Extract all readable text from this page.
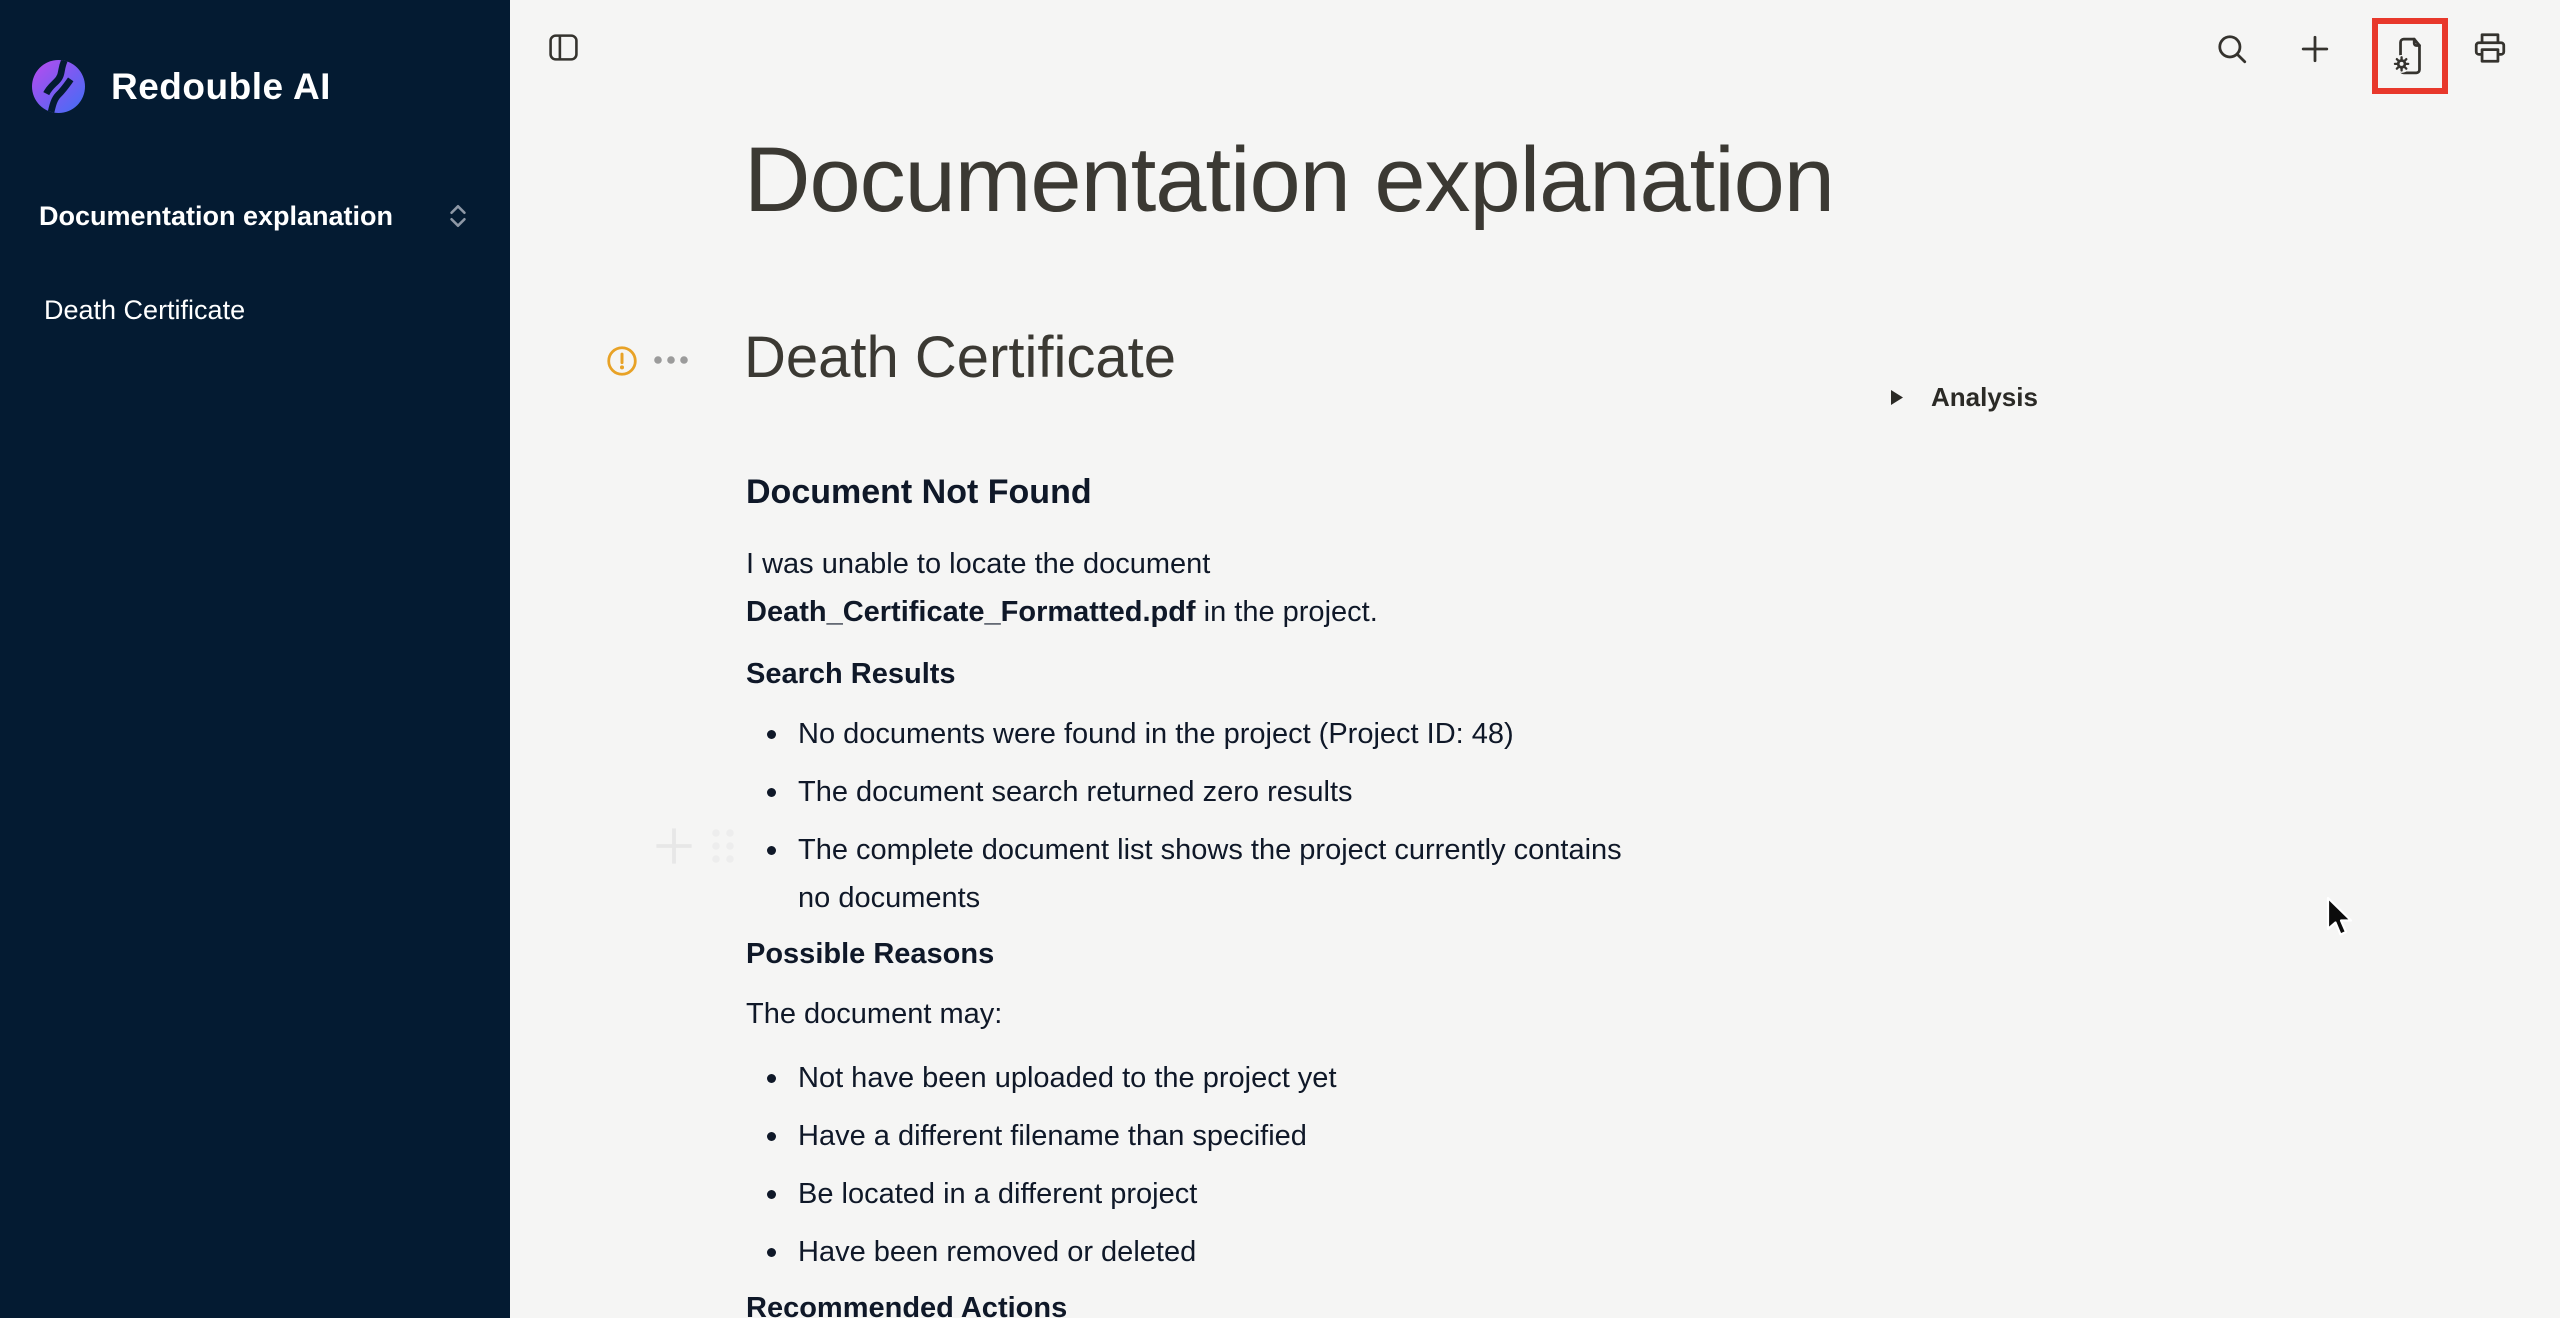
Redouble AI
Documentation explanation
Death Certificate
Documentation explanation
Death Certificate
Analysis
Document Not Found

I was unable to locate the document Death_Certificate_Formatted.pdf in the project.

Search Results
No documents were found in the project (Project ID: 48)
The document search returned zero results
The complete document list shows the project currently contains no documents
Possible Reasons

The document may:

Not have been uploaded to the project yet
Have a different filename than specified
Be located in a different project
Have been removed or deleted
Recommended Actions
